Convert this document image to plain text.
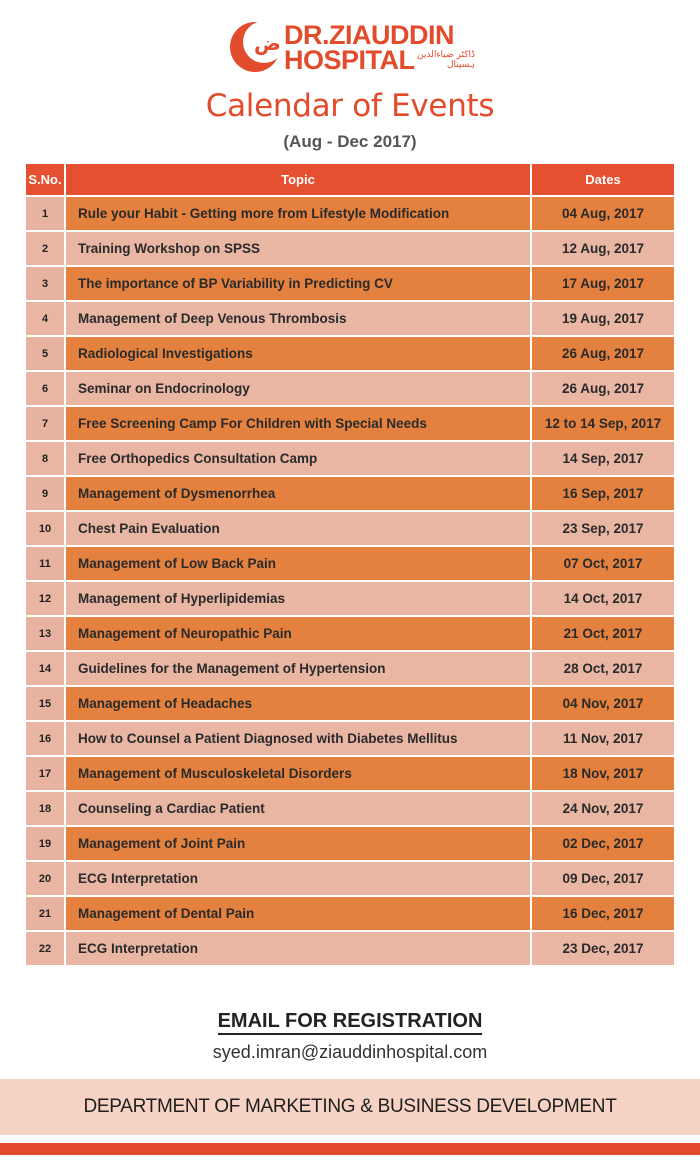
ض DR.ZIAUDDIN
HOSPITAL ڈاکٹر ضیاءالدین ہسپتال
Calendar of Events
(Aug - Dec 2017)
S.No.	Topic	Dates
1	Rule your Habit - Getting more from Lifestyle Modification	04 Aug, 2017
2	Training Workshop on SPSS	12 Aug, 2017
3	The importance of BP Variability in Predicting CV	17 Aug, 2017
4	Management of Deep Venous Thrombosis	19 Aug, 2017
5	Radiological Investigations	26 Aug, 2017
6	Seminar on Endocrinology	26 Aug, 2017
7	Free Screening Camp For Children with Special Needs	12 to 14 Sep, 2017
8	Free Orthopedics Consultation Camp	14 Sep, 2017
9	Management of Dysmenorrhea	16 Sep, 2017
10	Chest Pain Evaluation	23 Sep, 2017
11	Management of Low Back Pain	07 Oct, 2017
12	Management of Hyperlipidemias	14 Oct, 2017
13	Management of Neuropathic Pain	21 Oct, 2017
14	Guidelines for the Management of Hypertension	28 Oct, 2017
15	Management of Headaches	04 Nov, 2017
16	How to Counsel a Patient Diagnosed with Diabetes Mellitus	11 Nov, 2017
17	Management of Musculoskeletal Disorders	18 Nov, 2017
18	Counseling a Cardiac Patient	24 Nov, 2017
19	Management of Joint Pain	02 Dec, 2017
20	ECG Interpretation	09 Dec, 2017
21	Management of Dental Pain	16 Dec, 2017
22	ECG Interpretation	23 Dec, 2017
EMAIL FOR REGISTRATION
syed.imran@ziauddinhospital.com
DEPARTMENT OF MARKETING & BUSINESS DEVELOPMENT
